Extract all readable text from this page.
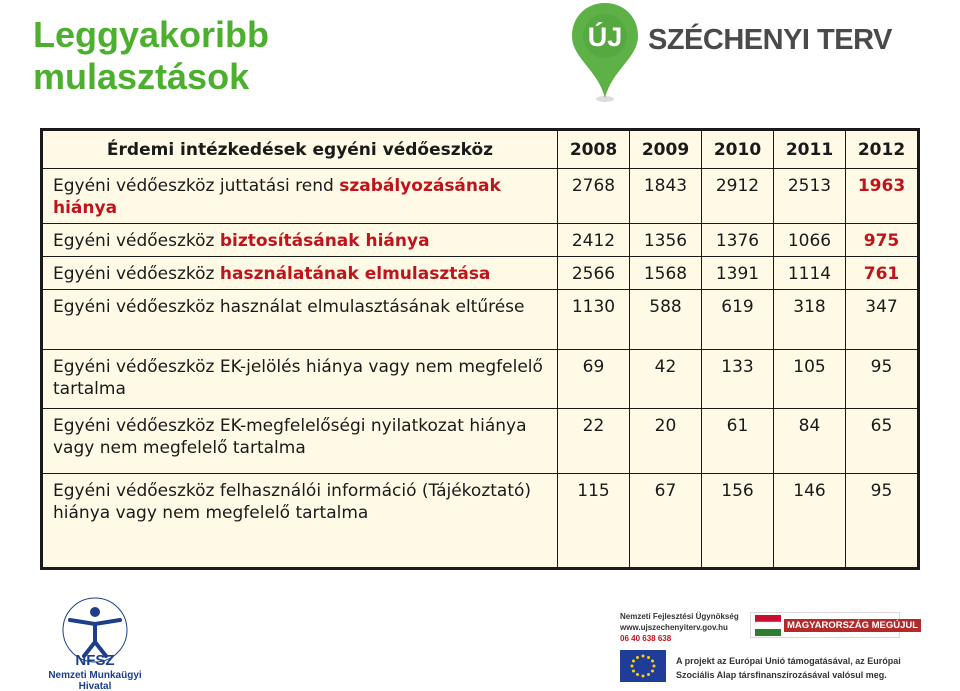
Leggyakoribb
mulasztások
ÚJ SZÉCHENYI TERV
Érdemi intézkedések egyéni védőeszköz	2008	2009	2010	2011	2012
Egyéni védőeszköz juttatási rend szabályozásának hiánya	2768	1843	2912	2513	1963
Egyéni védőeszköz biztosításának hiánya	2412	1356	1376	1066	975
Egyéni védőeszköz használatának elmulasztása	2566	1568	1391	1114	761
Egyéni védőeszköz használat elmulasztásának eltűrése	1130	588	619	318	347
Egyéni védőeszköz EK-jelölés hiánya vagy nem megfelelő tartalma	69	42	133	105	95
Egyéni védőeszköz EK-megfelelőségi nyilatkozat hiánya vagy nem megfelelő tartalma	22	20	61	84	65
Egyéni védőeszköz felhasználói információ (Tájékoztató) hiánya vagy nem megfelelő tartalma	115	67	156	146	95
NFSZ
Nemzeti Munkaügyi Hivatal
Nemzeti Fejlesztési Ügynökség
www.ujszechenyiterv.gov.hu
06 40 638 638
MAGYARORSZÁG MEGÚJUL
A projekt az Európai Unió támogatásával, az Európai
Szociális Alap társfinanszírozásával valósul meg.
